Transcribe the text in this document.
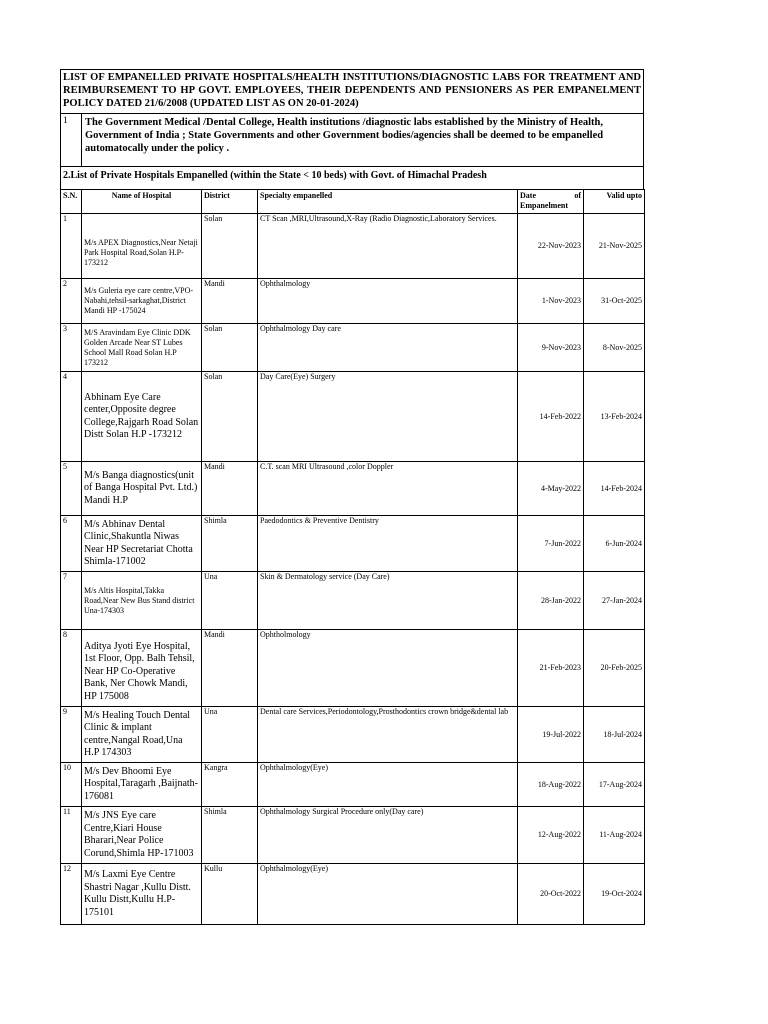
LIST OF EMPANELLED PRIVATE HOSPITALS/HEALTH INSTITUTIONS/DIAGNOSTIC LABS FOR TREATMENT AND REIMBURSEMENT TO HP GOVT. EMPLOYEES, THEIR DEPENDENTS AND PENSIONERS AS PER EMPANELMENT POLICY DATED 21/6/2008 (UPDATED LIST AS ON 20-01-2024)
1	The Government Medical /Dental College, Health institutions /diagnostic labs established by the Ministry of Health, Government of India ; State Governments and other Government bodies/agencies shall be deemed to be empanelled automatocally under the policy .
2.List of Private Hospitals Empanelled (within the State < 10 beds) with Govt. of Himachal Pradesh
S.N.	Name of Hospital	District	Specialty empanelled	Date of
Empanelment	Valid upto
1	M/s APEX Diagnostics,Near Netaji Park Hospital Road,Solan H.P-173212	Solan	CT Scan ,MRI,Ultrasound,X-Ray (Radio Diagnostic,Laboratory Services.	22-Nov-2023	21-Nov-2025
2	M/s Guleria eye care centre,VPO-Nabahi,tehsil-sarkaghat,District Mandi HP -175024	Mandi	Ophthalmology	1-Nov-2023	31-Oct-2025
3	M/S Aravindam Eye Clinic DDK Golden Arcade Near ST Lubes School Mall Road Solan H.P 173212	Solan	Ophthalmology Day care	9-Nov-2023	8-Nov-2025
4	Abhinam Eye Care center,Opposite degree College,Rajgarh Road Solan Distt Solan H.P -173212	Solan	Day Care(Eye) Surgery	14-Feb-2022	13-Feb-2024
5	M/s Banga diagnostics(unit of Banga Hospital Pvt. Ltd.) Mandi H.P	Mandi	C.T. scan MRI Ultrasound ,color Doppler	4-May-2022	14-Feb-2024
6	M/s Abhinav Dental Clinic,Shakuntla Niwas Near HP Secretariat Chotta Shimla-171002	Shimla	Paedodontics & Preventive Dentistry	7-Jun-2022	6-Jun-2024
7	M/s Altis Hospital,Takka Road,Near New Bus Stand district Una-174303	Una	Skin & Dermatology service (Day Care)	28-Jan-2022	27-Jan-2024
8	Aditya Jyoti Eye Hospital, 1st Floor, Opp. Balh Tehsil, Near HP Co-Operative Bank, Ner Chowk Mandi, HP 175008	Mandi	Ophtholmology	21-Feb-2023	20-Feb-2025
9	M/s Healing Touch Dental Clinic & implant centre,Nangal Road,Una H.P 174303	Una	Dental care Services,Periodontology,Prosthodontics crown bridge&dental lab	19-Jul-2022	18-Jul-2024
10	M/s Dev Bhoomi Eye Hospital,Taragarh ,Baijnath-176081	Kangra	Ophthalmology(Eye)	18-Aug-2022	17-Aug-2024
11	M/s JNS Eye care Centre,Kiari House Bharari,Near Police Corund,Shimla HP-171003	Shimla	Ophthalmology Surgical Procedure only(Day care)	12-Aug-2022	11-Aug-2024
12	M/s Laxmi Eye Centre Shastri Nagar ,Kullu Distt. Kullu Distt,Kullu H.P-175101	Kullu	Ophthalmology(Eye)	20-Oct-2022	19-Oct-2024
